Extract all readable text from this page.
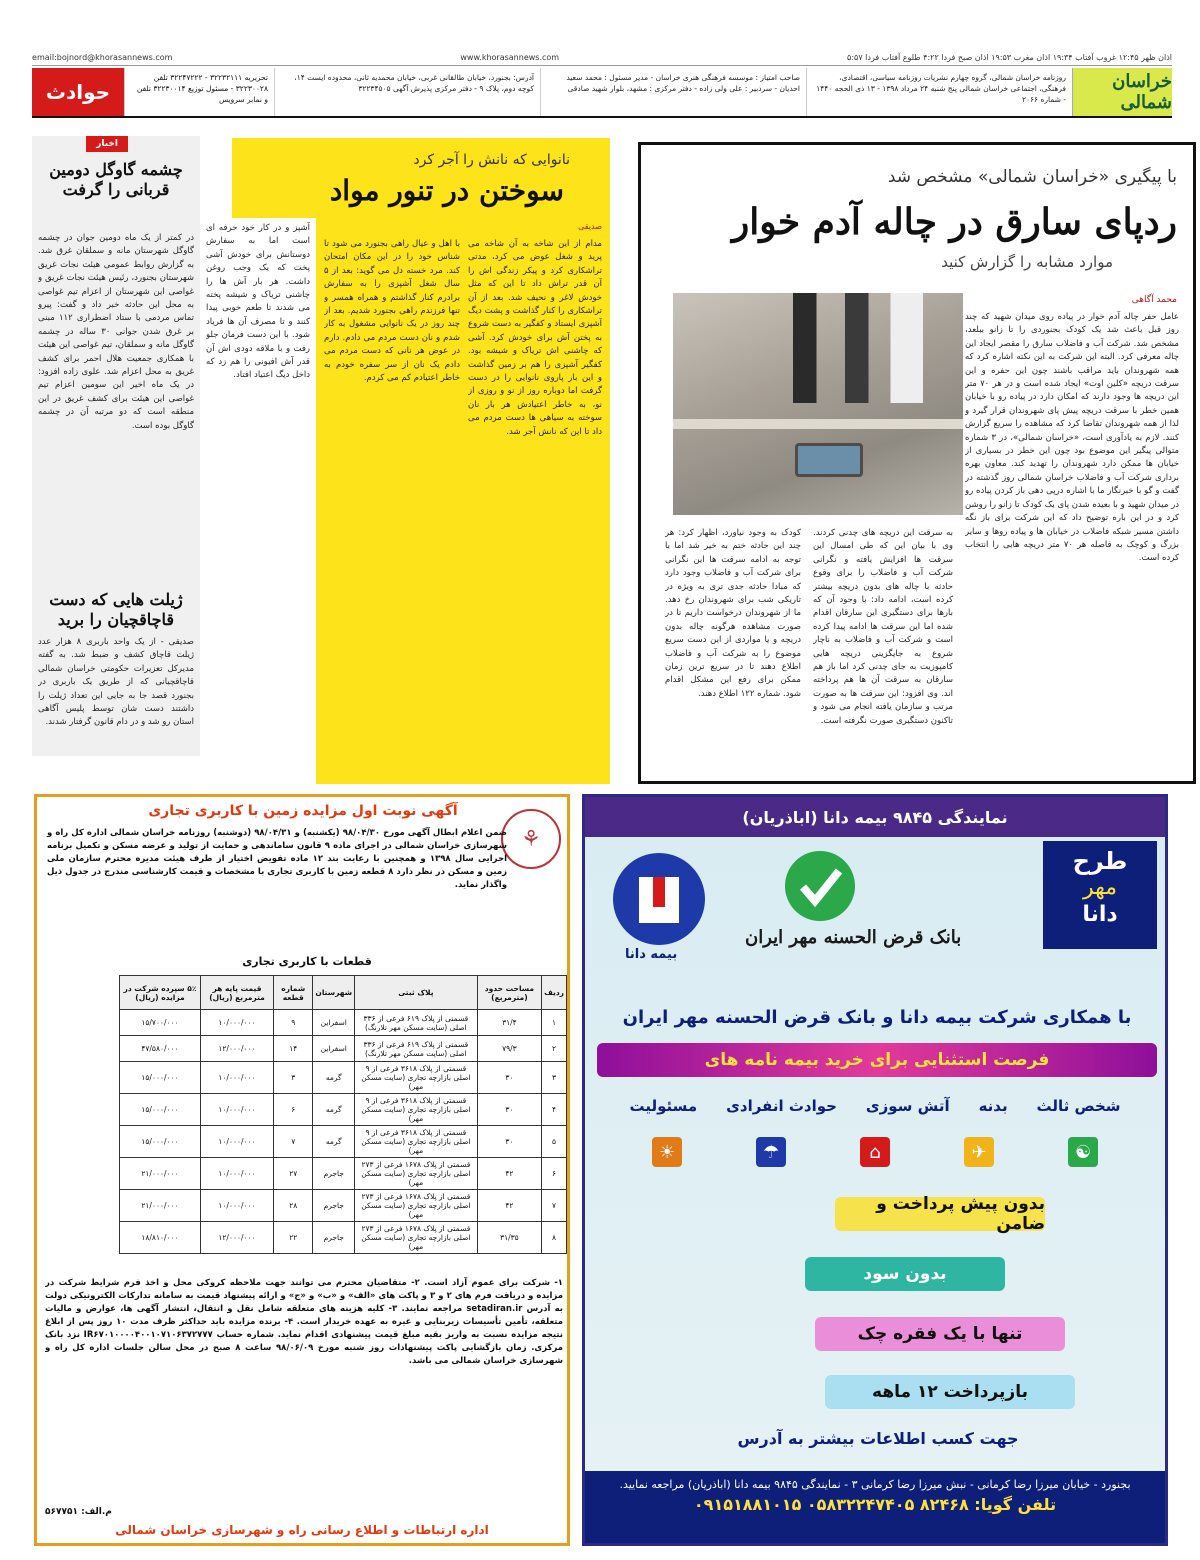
اذان ظهر ۱۲:۴۵ غروب آفتاب ۱۹:۳۴ اذان مغرب ۱۹:۵۳ اذان صبح فردا ۴:۲۲ طلوع آفتاب فردا ۵:۵۷
www.khorasannews.com
email:bojnord@khorasannews.com
خراسان شمالی
روزنامه خراسان شمالی، گروه چهارم نشریات روزنامه سیاسی، اقتصادی، فرهنگی، اجتماعی خراسان شمالی پنج شنبه ۲۴ مرداد ۱۳۹۸ - ۱۳ ذی الحجه ۱۴۴۰ - شماره ۲۰۶۶
صاحب امتیاز : موسسه فرهنگی هنری خراسان - مدیر مسئول : محمد سعید احدیان - سردبیر : علی ولی زاده - دفتر مرکزی : مشهد، بلوار شهید صادقی
آدرس: بجنورد، خیابان طالقانی غربی، خیابان محمدیه ثانی، محدوده ایست ۱۴، کوچه دوم، پلاک ۹ - دفتر مرکزی پذیرش آگهی ۳۲۲۳۴۵۰۵
تحریریه ۳۲۲۳۲۱۱۱ - ۳۲۲۴۷۲۲۲ تلفن ۳۲۲۳۰۰۲۸ - مسئول توزیع ۳۲۲۳۰۰۱۴ تلفن و نمابر سرویس
حوادث
با پیگیری «خراسان شمالی» مشخص شد
ردپای سارق در چاله آدم خوار
موارد مشابه را گزارش کنید
محمد آگاهی
عامل حفر چاله آدم خوار در پیاده روی میدان شهید که چند روز قبل باعث شد یک کودک بجنوردی را تا زانو ببلعد، مشخص شد. شرکت آب و فاضلاب سارق را مقصر ایجاد این چاله معرفی کرد. البته این شرکت به این نکته اشاره کرد که همه شهروندان باید مراقب باشند چون این حفره و این سرقت دریچه «کلین اوت» ایجاد شده است و در هر ۷۰ متر این دریچه ها وجود دارند که امکان دارد در پیاده رو با خیابان همین خطر با سرقت دریچه پیش پای شهروندان قرار گیرد و لذا از همه شهروندان تقاضا کرد که مشاهده را سریع گزارش کنند. لازم به یادآوری است، «خراسان شمالی»، در ۳ شماره متوالی پیگیر این موضوع بود چون این خطر در بسیاری از خیابان ها ممکن دارد شهروندان را تهدید کند. معاون بهره برداری شرکت آب و فاضلاب خراسان شمالی روز گذشته در گفت و گو با خبرنگار ما با اشاره درپی دهی باز کردن پیاده رو در میدان شهید و با بعیده شدن پای یک کودک تا زانو را روشن کرد و در این باره توضیح داد که این شرکت برای باز نگه داشتن مسیر شبکه فاضلاب در خیابان ها و پیاده روها و سایر بزرگ و کوچک به فاصله هر ۷۰ متر دریچه هایی را انتخاب کرده است.
به سرقت این دریچه های چدنی کردند. وی با بیان این که طی امسال این سرقت ها افزایش یافته و نگرانی شرکت آب و فاضلاب را برای وقوع حادثه با چاله های بدون دریچه بیشتر کرده است، ادامه داد: با وجود آن که بارها برای دستگیری این سارقان اقدام شده اما این سرقت ها ادامه پیدا کرده است و شرکت آب و فاضلاب به ناچار شروع به جایگزینی دریچه هایی کامپوزیت به جای چدنی کرد اما باز هم سارقان به سرقت آن ها هم پرداخته اند. وی افزود: این سرقت ها به صورت مرتب و سازمان یافته انجام می شود و تاکنون دستگیری صورت نگرفته است.
کودک به وجود نیاورد، اظهار کرد: هر چند این حادثه ختم به خیر شد اما با توجه به ادامه سرقت ها این نگرانی برای شرکت آب و فاضلاب وجود دارد که مبادا حادثه جدی تری به ویژه در تاریکی شب برای شهروندان رخ دهد. ما از شهروندان درخواست داریم تا در صورت مشاهده هرگونه چاله بدون دریچه و یا مواردی از این دست سریع موضوع را به شرکت آب و فاضلاب اطلاع دهند تا در سریع ترین زمان ممکن برای رفع این مشکل اقدام شود. شماره ۱۲۲ اطلاع دهند.
نانوایی که نانش را آجر کرد
سوختن در تنور مواد
صدیقی
مدام از این شاخه به آن شاخه می پرید و شغل عوض می کرد، مدتی تراشکاری کرد و پیکر زندگی اش را آن قدر تراش داد تا این که مثل خودش لاغر و نحیف شد. بعد از آن تراشکاری را کنار گذاشت و پشت دیگ آشپزی ایستاد و کفگیر به دست شروع به پختن آش برای خودش کرد. آشی که چاشنی اش تریاک و شیشه بود. کفگیر آشپزی را هم بر زمین گذاشت و این بار پاروی نانوایی را در دست گرفت اما دوباره روز از نو و روزی از نو، به خاطر اعتیادش هر بار نان سوخته به سیاهی ها دست مردم می داد تا این که نانش آجر شد.
با اهل و عیال راهی بجنورد می شود تا شناس خود را در این مکان امتحان کند. مرد خسته دل می گوید: بعد از ۵ سال شغل آشپزی را به سفارش برادرم کنار گذاشتم و همراه همسر و تنها فرزندم راهی بجنورد شدیم. بعد از چند روز در یک نانوایی مشغول به کار شدم و نان دست مردم می دادم. دارم در عوض هر نانی که دست مردم می دادم یک نان از سر سفره خودم به خاطر اعتیادم کم می کردم.
آشپز و در کار خود حرفه ای است اما به سفارش دوستانش برای خودش آشی پخت که یک وجب روغن داشت. هر بار آش ها را چاشنی تریاک و شیشه پخته می شدند تا طعم خوبی پیدا کنند و تا مصرف آن ها فریاد شود. با این دست فرمان جلو رفت و با ملاقه دودی اش آن قدر آش افیونی را هم زد که داخل دیگ اعتیاد افتاد.
اخبار
چشمه گاوگل دومین قربانی را گرفت
در کمتر از یک ماه دومین جوان در چشمه گاوگل شهرستان مانه و سملقان غرق شد. به گزارش روابط عمومی هیئت نجات غریق شهرستان بجنورد، رئیس هیئت نجات غریق و غواصی این شهرستان از اعزام تیم غواصی به محل این حادثه خبر داد و گفت: پیرو تماس مردمی با ستاد اضطراری ۱۱۲ مبنی بر غرق شدن جوانی ۳۰ ساله در چشمه گاوگل مانه و سملقان، تیم غواصی این هیئت با همکاری جمعیت هلال احمر برای کشف غریق به محل اعزام شد. علوی زاده افزود: در یک ماه اخیر این سومین اعزام تیم غواصی این هیئت برای کشف غریق در این منطقه است که دو مرتبه آن در چشمه گاوگل بوده است.
ژیلت هایی که دست قاچاقچیان را برید
صدیقی - از یک واحد باربری ۸ هزار عدد ژیلت قاچاق کشف و ضبط شد. به گفته مدیرکل تعزیرات حکومتی خراسان شمالی قاچاقچیانی که از طریق یک باربری در بجنورد قصد جا به جایی این تعداد ژیلت را داشتند دست شان توسط پلیس آگاهی استان رو شد و در دام قانون گرفتار شدند.
⚘
آگهی نوبت اول مزایده زمین با کاربری تجاری
ضمن اعلام ابطال آگهی مورخ ۹۸/۰۴/۳۰ (یکشنبه) و ۹۸/۰۴/۳۱ (دوشنبه) روزنامه خراسان شمالی اداره کل راه و شهرسازی خراسان شمالی در اجرای ماده ۹ قانون ساماندهی و حمایت از تولید و عرضه مسکن و تکمیل برنامه اجرایی سال ۱۳۹۸ و همچنین با رعایت بند ۱۲ ماده تفویض اختیار از طرف هیئت مدیره محترم سازمان ملی زمین و مسکن در نظر دارد ۸ قطعه زمین با کاربری تجاری با مشخصات و قیمت کارشناسی مندرج در جدول ذیل واگذار نماید.
قطعات با کاربری تجاری
ردیف	مساحت حدود (مترمربع)	پلاک ثبتی	شهرستان	شماره قطعه	قیمت پایه هر مترمربع (ریال)	۵٪ سپرده شرکت در مزایده (ریال)
۱	۳۱/۴	قسمتی از پلاک ۶۱۹ فرعی از ۳۳۶ اصلی (سایت مسکن مهر تلارنگ)	اسفراین	۹	۱۰/۰۰۰/۰۰۰	۱۵/۷۰۰/۰۰۰
۲	۷۹/۳	قسمتی از پلاک ۶۱۹ فرعی از ۳۳۶ اصلی (سایت مسکن مهر تلارنگ)	اسفراین	۱۴	۱۲/۰۰۰/۰۰۰	۴۷/۵۸۰/۰۰۰
۳	۳۰	قسمتی از پلاک ۳۶۱۸ فرعی از ۹ اصلی بازارچه تجاری (سایت مسکن مهر)	گرمه	۳	۱۰/۰۰۰/۰۰۰	۱۵/۰۰۰/۰۰۰
۴	۳۰	قسمتی از پلاک ۳۶۱۸ فرعی از ۹ اصلی بازارچه تجاری (سایت مسکن مهر)	گرمه	۶	۱۰/۰۰۰/۰۰۰	۱۵/۰۰۰/۰۰۰
۵	۳۰	قسمتی از پلاک ۳۶۱۸ فرعی از ۹ اصلی بازارچه تجاری (سایت مسکن مهر)	گرمه	۷	۱۰/۰۰۰/۰۰۰	۱۵/۰۰۰/۰۰۰
۶	۴۲	قسمتی از پلاک ۱۶۷۸ فرعی از ۲۷۳ اصلی بازارچه تجاری (سایت مسکن مهر)	جاجرم	۲۷	۱۰/۰۰۰/۰۰۰	۲۱/۰۰۰/۰۰۰
۷	۴۲	قسمتی از پلاک ۱۶۷۸ فرعی از ۲۷۳ اصلی بازارچه تجاری (سایت مسکن مهر)	جاجرم	۲۸	۱۰/۰۰۰/۰۰۰	۲۱/۰۰۰/۰۰۰
۸	۳۱/۳۵	قسمتی از پلاک ۱۶۷۸ فرعی از ۲۷۳ اصلی بازارچه تجاری (سایت مسکن مهر)	جاجرم	۲۲	۱۲/۰۰۰/۰۰۰	۱۸/۸۱۰/۰۰۰
۱- شرکت برای عموم آزاد است. ۲- متقاضیان محترم می توانند جهت ملاحظه کروکی محل و اخذ فرم شرایط شرکت در مزایده و دریافت فرم های ۲ و ۳ و پاکت های «الف» و «ب» و «ج» و ارائه پیشنهاد قیمت به سامانه تدارکات الکترونیکی دولت به آدرس setadiran.ir مراجعه نمایند. ۳- کلیه هزینه های متعلقه شامل نقل و انتقال، انتشار آگهی ها، عوارض و مالیات متعلقه، تأمین تأسیسات زیربنایی و غیره به عهده خریدار است. ۴- برنده مزایده باید حداکثر ظرف مدت ۱۰ روز پس از ابلاغ نتیجه مزایده نسبت به واریز بقیه مبلغ قیمت پیشنهادی اقدام نماید. شماره حساب IR۶۷۰۱۰۰۰۰۴۰۰۱۰۷۱۰۶۳۷۲۷۷۷ نزد بانک مرکزی. زمان بازگشایی پاکت پیشنهادات روز شنبه مورخ ۹۸/۰۶/۰۹ ساعت ۸ صبح در محل سالن جلسات اداره کل راه و شهرسازی خراسان شمالی می باشد.
م.الف: ۵۶۷۷۵۱
اداره ارتباطات و اطلاع رسانی راه و شهرسازی خراسان شمالی
نمایندگی ۹۸۴۵ بیمه دانا (اباذریان)
طرح
مهر
دانا
بانک قرض الحسنه مهر ایران
بیمه دانا
با همکاری شرکت بیمه دانا و بانک قرض الحسنه مهر ایران
فرصت استثنایی برای خرید بیمه نامه های
شخص ثالث
بدنه
آتش سوزی
حوادث انفرادی
مسئولیت
☯
✈
⌂
☂
☀
بدون پیش پرداخت و ضامن
بدون سود
تنها با یک فقره چک
بازپرداخت ۱۲ ماهه
جهت کسب اطلاعات بیشتر به آدرس
بجنورد - خیابان میرزا رضا کرمانی - نبش میرزا رضا کرمانی ۳ - نمایندگی ۹۸۴۵ بیمه دانا (اباذریان) مراجعه نمایید.
تلفن گویا: ۸۲۴۶۸ ۰۵۸۳۲۲۴۷۴۰۵ ۰۹۱۵۱۸۸۱۰۱۵
